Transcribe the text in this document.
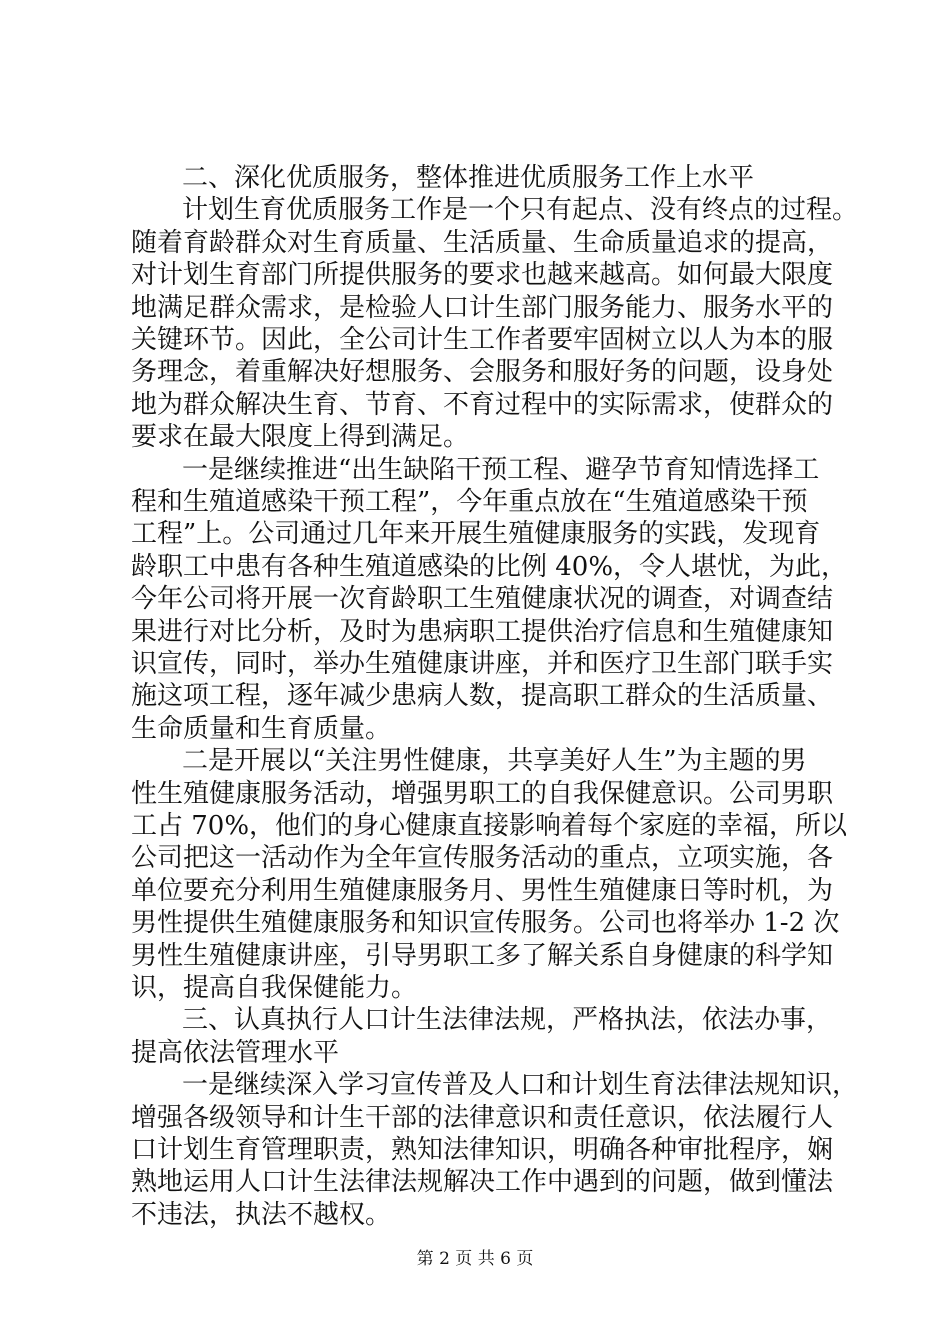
二、深化优质服务，整体推进优质服务工作上水平
计划生育优质服务工作是一个只有起点、没有终点的过程。
随着育龄群众对生育质量、生活质量、生命质量追求的提高，
对计划生育部门所提供服务的要求也越来越高。如何最大限度
地满足群众需求，是检验人口计生部门服务能力、服务水平的
关键环节。因此，全公司计生工作者要牢固树立以人为本的服
务理念，着重解决好想服务、会服务和服好务的问题，设身处
地为群众解决生育、节育、不育过程中的实际需求，使群众的
要求在最大限度上得到满足。
一是继续推进“出生缺陷干预工程、避孕节育知情选择工
程和生殖道感染干预工程”，今年重点放在“生殖道感染干预
工程”上。公司通过几年来开展生殖健康服务的实践，发现育
龄职工中患有各种生殖道感染的比例 40%，令人堪忧，为此，
今年公司将开展一次育龄职工生殖健康状况的调查，对调查结
果进行对比分析，及时为患病职工提供治疗信息和生殖健康知
识宣传，同时，举办生殖健康讲座，并和医疗卫生部门联手实
施这项工程，逐年减少患病人数，提高职工群众的生活质量、
生命质量和生育质量。
二是开展以“关注男性健康，共享美好人生”为主题的男
性生殖健康服务活动，增强男职工的自我保健意识。公司男职
工占 70%，他们的身心健康直接影响着每个家庭的幸福，所以
公司把这一活动作为全年宣传服务活动的重点，立项实施，各
单位要充分利用生殖健康服务月、男性生殖健康日等时机，为
男性提供生殖健康服务和知识宣传服务。公司也将举办 1-2 次
男性生殖健康讲座，引导男职工多了解关系自身健康的科学知
识，提高自我保健能力。
三、认真执行人口计生法律法规，严格执法，依法办事，
提高依法管理水平
一是继续深入学习宣传普及人口和计划生育法律法规知识，
增强各级领导和计生干部的法律意识和责任意识，依法履行人
口计划生育管理职责，熟知法律知识，明确各种审批程序，娴
熟地运用人口计生法律法规解决工作中遇到的问题，做到懂法
不违法，执法不越权。
第 2 页 共 6 页
